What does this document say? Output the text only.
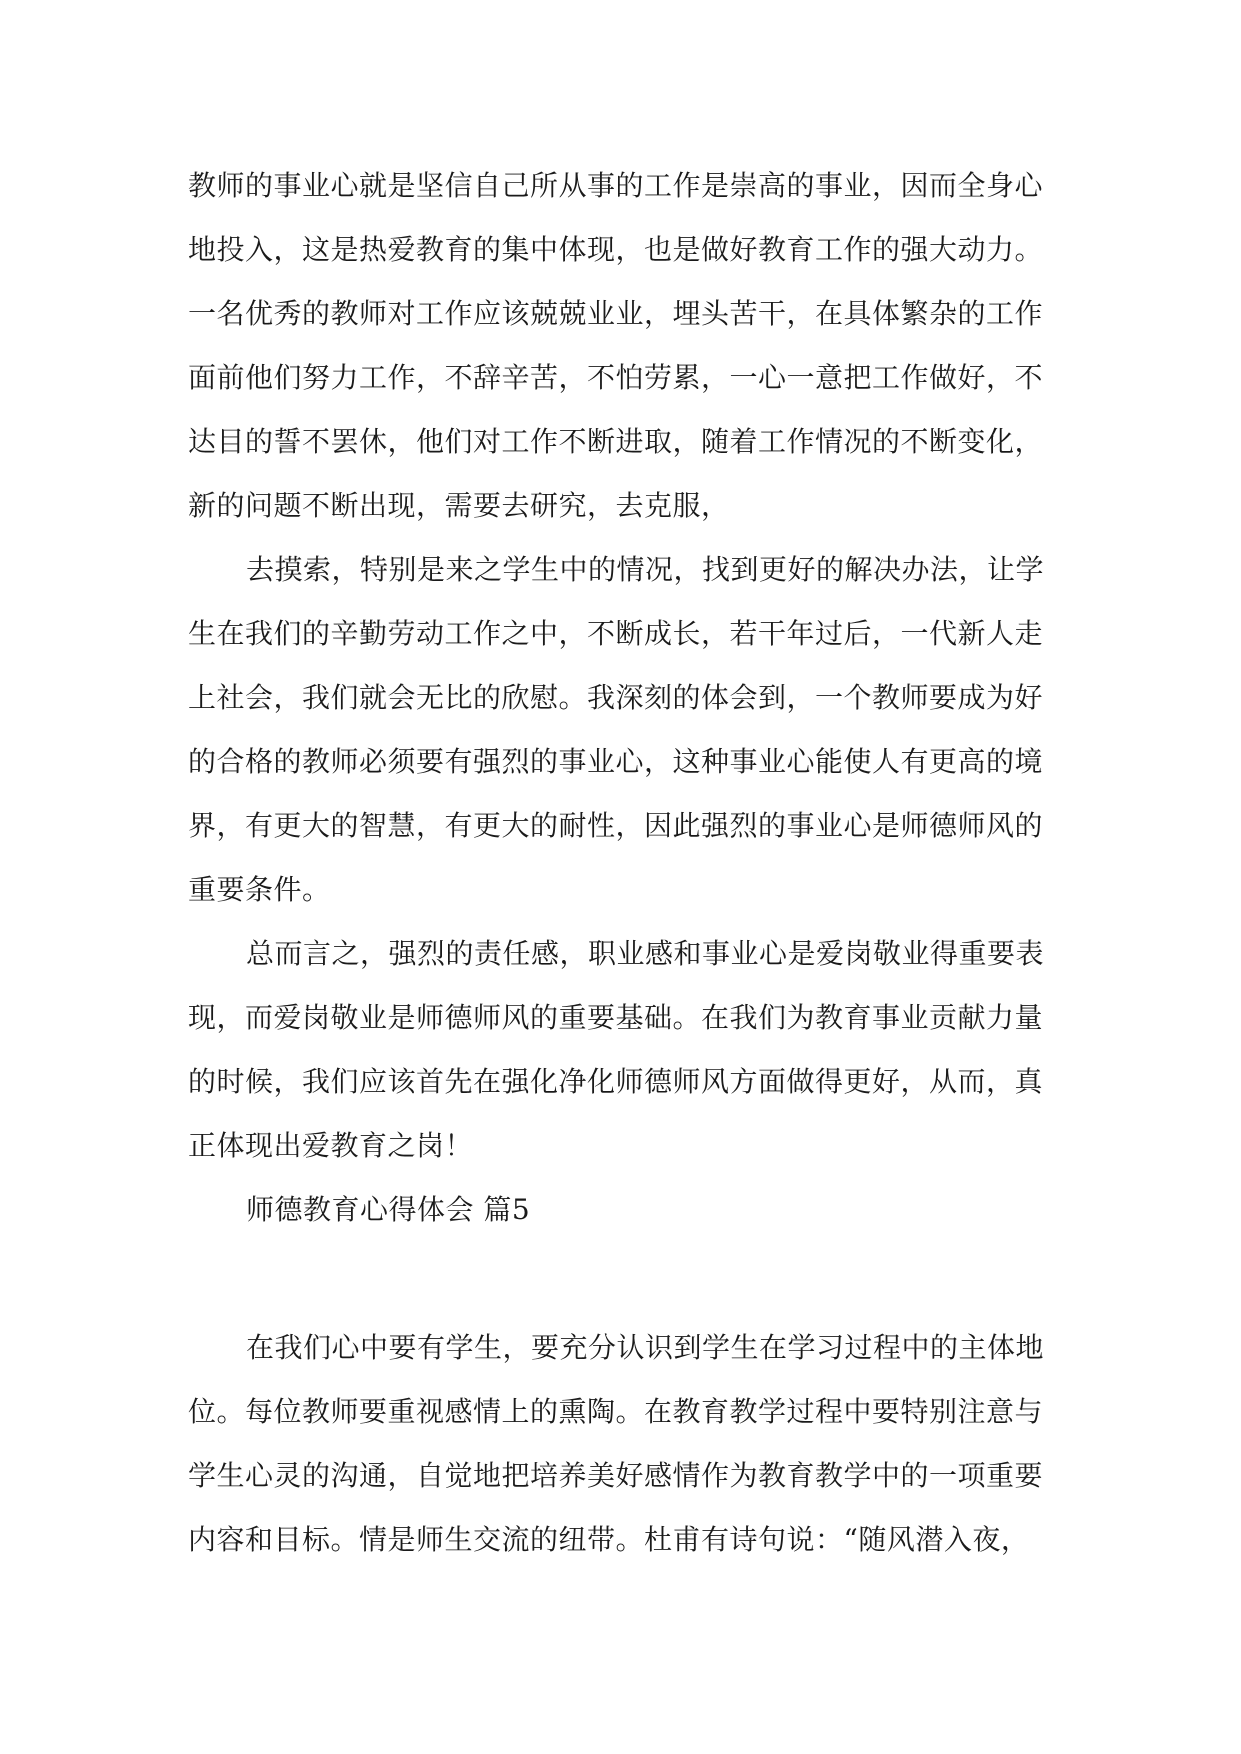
教师的事业心就是坚信自己所从事的工作是崇高的事业，因而全身心
地投入，这是热爱教育的集中体现，也是做好教育工作的强大动力。
一名优秀的教师对工作应该兢兢业业，埋头苦干，在具体繁杂的工作
面前他们努力工作，不辞辛苦，不怕劳累，一心一意把工作做好，不
达目的誓不罢休，他们对工作不断进取，随着工作情况的不断变化，
新的问题不断出现，需要去研究，去克服，
去摸索，特别是来之学生中的情况，找到更好的解决办法，让学
生在我们的辛勤劳动工作之中，不断成长，若干年过后，一代新人走
上社会，我们就会无比的欣慰。我深刻的体会到，一个教师要成为好
的合格的教师必须要有强烈的事业心，这种事业心能使人有更高的境
界，有更大的智慧，有更大的耐性，因此强烈的事业心是师德师风的
重要条件。
总而言之，强烈的责任感，职业感和事业心是爱岗敬业得重要表
现，而爱岗敬业是师德师风的重要基础。在我们为教育事业贡献力量
的时候，我们应该首先在强化净化师德师风方面做得更好，从而，真
正体现出爱教育之岗！
师德教育心得体会 篇5
在我们心中要有学生，要充分认识到学生在学习过程中的主体地
位。每位教师要重视感情上的熏陶。在教育教学过程中要特别注意与
学生心灵的沟通，自觉地把培养美好感情作为教育教学中的一项重要
内容和目标。情是师生交流的纽带。杜甫有诗句说：“随风潜入夜，
